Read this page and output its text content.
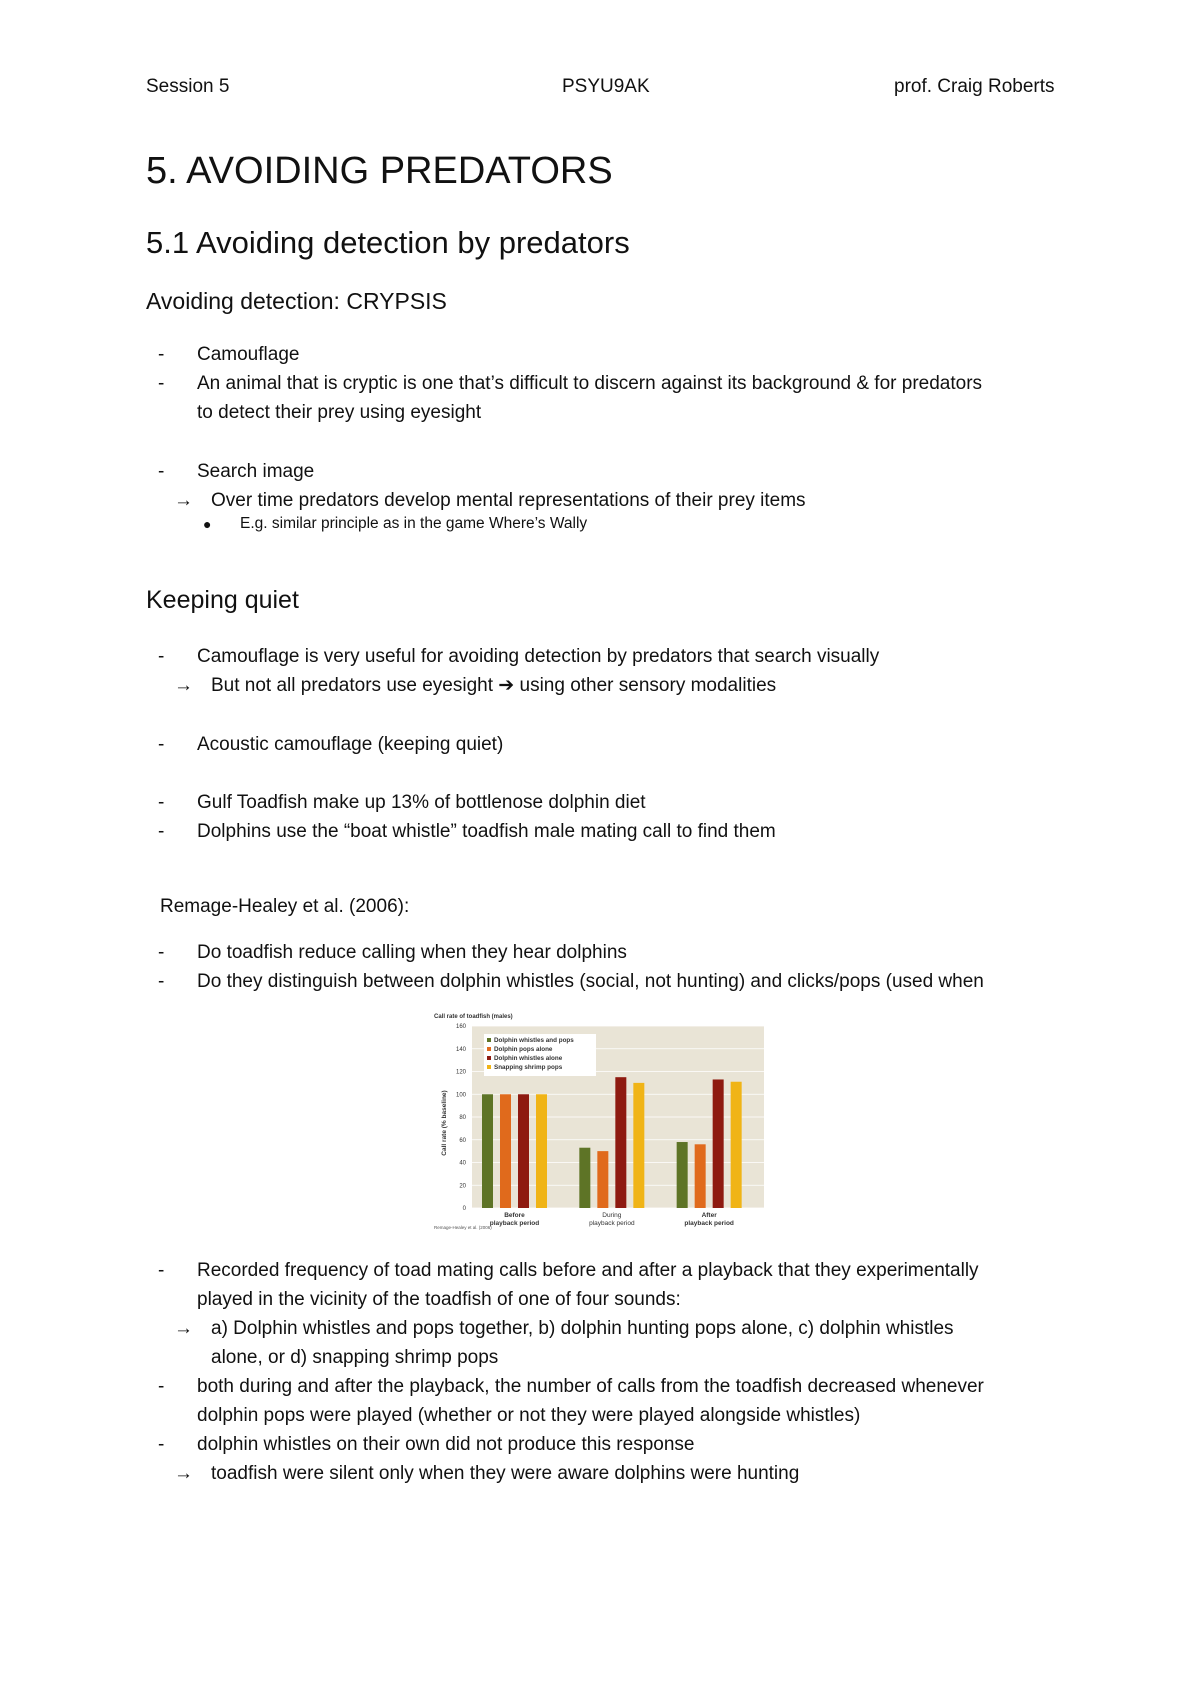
Session 5	PSYU9AK	prof. Craig Roberts
5. AVOIDING PREDATORS
5.1 Avoiding detection by predators
Avoiding detection: CRYPSIS
- Camouflage
- An animal that is cryptic is one that’s difficult to discern against its background & for predators
to detect their prey using eyesight
- Search image
→ Over time predators develop mental representations of their prey items
● E.g. similar principle as in the game Where’s Wally
Keeping quiet
- Camouflage is very useful for avoiding detection by predators that search visually
→ But not all predators use eyesight ➔ using other sensory modalities
- Acoustic camouflage (keeping quiet)
- Gulf Toadfish make up 13% of bottlenose dolphin diet
- Dolphins use the “boat whistle” toadfish male mating call to find them
Remage-Healey et al. (2006):
- Do toadfish reduce calling when they hear dolphins
- Do they distinguish between dolphin whistles (social, not hunting) and clicks/pops (used when
0
20
40
60
80
100
120
140
160
Before
playback period
During
playback period
After
playback period
Call rate of toadfish (males)
Call rate (% baseline)
Dolphin whistles and pops
Dolphin pops alone
Dolphin whistles alone
Snapping shrimp pops
Remage-Healey et al. (2006)
- Recorded frequency of toad mating calls before and after a playback that they experimentally
played in the vicinity of the toadfish of one of four sounds:
→ a) Dolphin whistles and pops together, b) dolphin hunting pops alone, c) dolphin whistles
alone, or d) snapping shrimp pops
- both during and after the playback, the number of calls from the toadfish decreased whenever
dolphin pops were played (whether or not they were played alongside whistles)
- dolphin whistles on their own did not produce this response
→ toadfish were silent only when they were aware dolphins were hunting
